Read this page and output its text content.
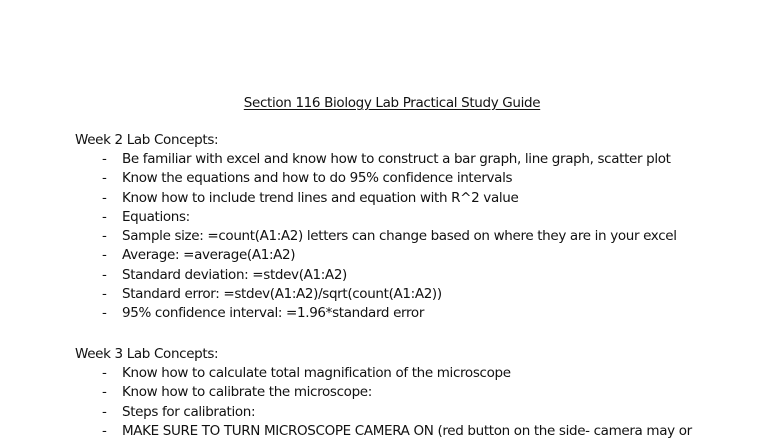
Section 116 Biology Lab Practical Study Guide
Week 2 Lab Concepts:
- Be familiar with excel and know how to construct a bar graph, line graph, scatter plot
- Know the equations and how to do 95% confidence intervals
- Know how to include trend lines and equation with R^2 value
- Equations:
- Sample size: =count(A1:A2) letters can change based on where they are in your excel
- Average: =average(A1:A2)
- Standard deviation: =stdev(A1:A2)
- Standard error: =stdev(A1:A2)/sqrt(count(A1:A2))
- 95% confidence interval: =1.96*standard error
Week 3 Lab Concepts:
- Know how to calculate total magnification of the microscope
- Know how to calibrate the microscope:
- Steps for calibration:
- MAKE SURE TO TURN MICROSCOPE CAMERA ON (red button on the side- camera may or
